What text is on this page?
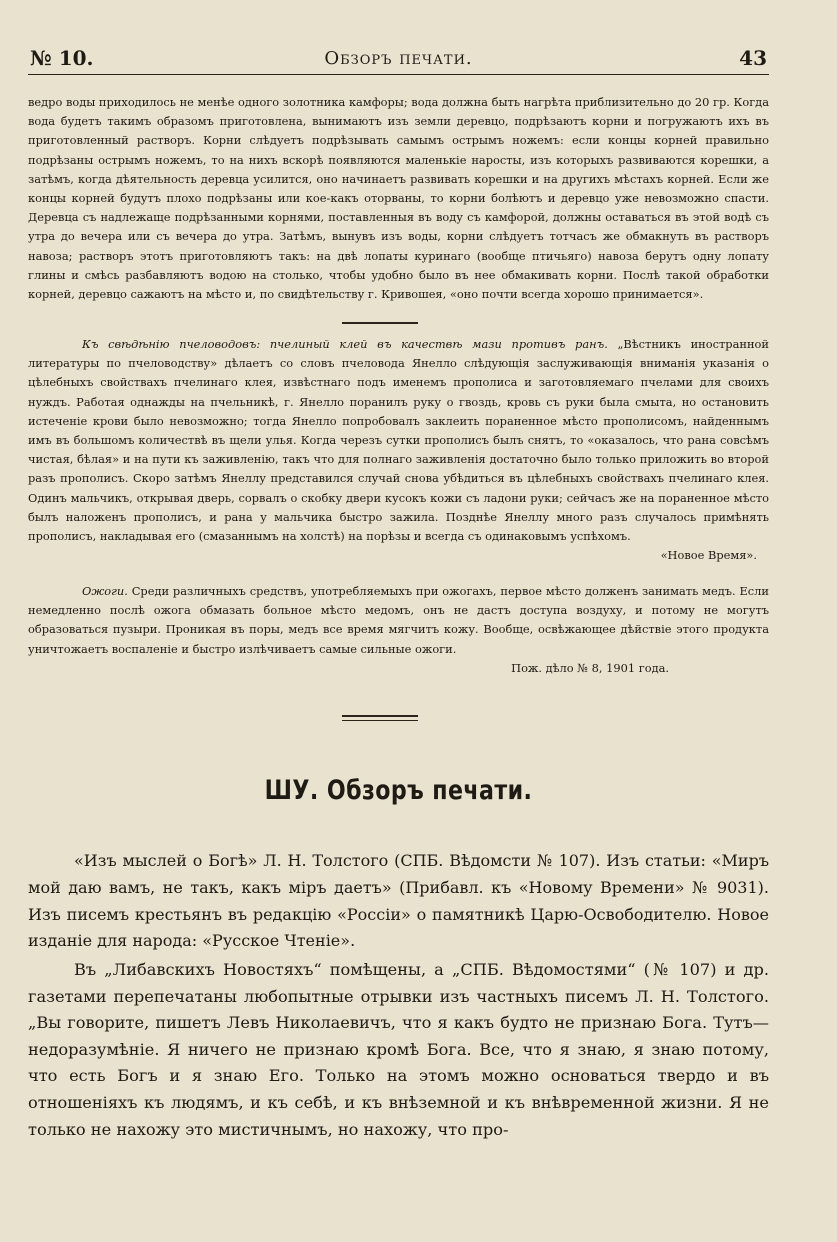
№ 10.	Обзоръ печати.	43

ведро воды приходилось не менѣе одного золотника камфоры; вода должна быть нагрѣта приблизительно до 20 гр. Когда вода будетъ такимъ образомъ приготовлена, вынимаютъ изъ земли деревцо, подрѣзаютъ корни и погружаютъ ихъ въ приготовленный растворъ. Корни слѣдуетъ подрѣзывать самымъ острымъ ножемъ: если концы корней правильно подрѣзаны острымъ ножемъ, то на нихъ вскорѣ появляются маленькіе наросты, изъ которыхъ развиваются корешки, а затѣмъ, когда дѣятельность деревца усилится, оно начинаетъ развивать корешки и на другихъ мѣстахъ корней. Если же концы корней будутъ плохо подрѣзаны или кое-какъ оторваны, то корни болѣютъ и деревцо уже невозможно спасти. Деревца съ надлежаще подрѣзанными корнями, поставленныя въ воду съ камфорой, должны оставаться въ этой водѣ съ утра до вечера или съ вечера до утра. Затѣмъ, вынувъ изъ воды, корни слѣдуетъ тотчасъ же обмакнуть въ растворъ навоза; растворъ этотъ приготовляютъ такъ: на двѣ лопаты куринаго (вообще птичьяго) навоза берутъ одну лопату глины и смѣсь разбавляютъ водою на столько, чтобы удобно было въ нее обмакивать корни. Послѣ такой обработки корней, деревцо сажаютъ на мѣсто и, по свидѣтельству г. Кривошея, «оно почти всегда хорошо принимается».

Къ свѣдѣнію пчеловодовъ: пчелиный клей въ качествѣ мази противъ ранъ. „Вѣстникъ иностранной литературы по пчеловодству» дѣлаетъ со словъ пчеловода Янелло слѣдующія заслуживающія вниманія указанія о цѣлебныхъ свойствахъ пчелинаго клея, извѣстнаго подъ именемъ прополиса и заготовляемаго пчелами для своихъ нуждъ. Работая однажды на пчельникѣ, г. Янелло поранилъ руку о гвоздь, кровь съ руки была смыта, но остановить истеченіе крови было невозможно; тогда Янелло попробовалъ заклеить пораненное мѣсто прополисомъ, найденнымъ имъ въ большомъ количествѣ въ щели улья. Когда черезъ сутки прополисъ былъ снятъ, то «оказалось, что рана совсѣмъ чистая, бѣлая» и на пути къ заживленію, такъ что для полнаго заживленія достаточно было только приложить во второй разъ прополисъ. Скоро затѣмъ Янеллу представился случай снова убѣдиться въ цѣлебныхъ свойствахъ пчелинаго клея. Одинъ мальчикъ, открывая дверь, сорвалъ о скобку двери кусокъ кожи съ ладони руки; сейчасъ же на пораненное мѣсто былъ наложенъ прополисъ, и рана у мальчика быстро зажила. Позднѣе Янеллу много разъ случалось примѣнять прополисъ, накладывая его (смазаннымъ на холстѣ) на порѣзы и всегда съ одинаковымъ успѣхомъ.

«Новое Время».

Ожоги. Среди различныхъ средствъ, употребляемыхъ при ожогахъ, первое мѣсто долженъ занимать медъ. Если немедленно послѣ ожога обмазать больное мѣсто медомъ, онъ не дастъ доступа воздуху, и потому не могутъ образоваться пузыри. Проникая въ поры, медъ все время мягчитъ кожу. Вообще, освѣжающее дѣйствіе этого продукта уничтожаетъ воспаленіе и быстро излѣчиваетъ самые сильные ожоги.

Пож. дѣло № 8, 1901 года.
ШУ. Обзоръ печати.

«Изъ мыслей о Богѣ» Л. Н. Толстого (СПБ. Вѣдомсти № 107). Изъ статьи: «Миръ мой даю вамъ, не такъ, какъ міръ даетъ» (Прибавл. къ «Новому Времени» № 9031). Изъ писемъ крестьянъ въ редакцію «Россіи» о памятникѣ Царю-Освободителю. Новое изданіе для народа: «Русское Чтеніе».

Въ „Либавскихъ Новостяхъ“ помѣщены, а „СПБ. Вѣдомостями“ (№ 107) и др. газетами перепечатаны любопытные отрывки изъ частныхъ писемъ Л. Н. Толстого. „Вы говорите, пишетъ Левъ Николаевичъ, что я какъ будто не признаю Бога. Тутъ—недоразумѣніе. Я ничего не признаю кромѣ Бога. Все, что я знаю, я знаю потому, что есть Богъ и я знаю Его. Только на этомъ можно основаться твердо и въ отношеніяхъ къ людямъ, и къ себѣ, и къ внѣземной и къ внѣвременной жизни. Я не только не нахожу это мистичнымъ, но нахожу, что про-
